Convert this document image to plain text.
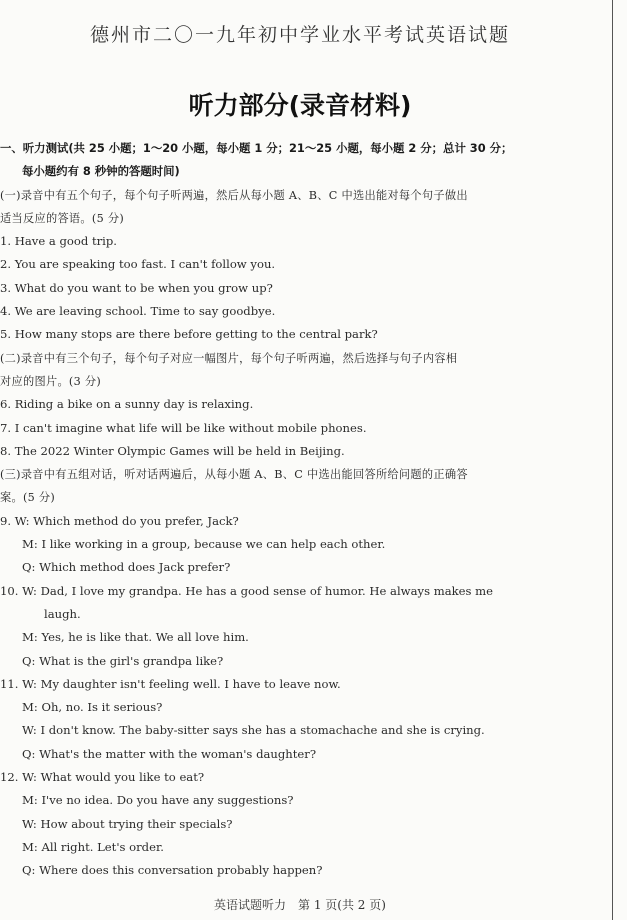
德州市二〇一九年初中学业水平考试英语试题
听力部分(录音材料)
一、听力测试(共 25 小题；1～20 小题，每小题 1 分；21～25 小题，每小题 2 分；总计 30 分；
每小题约有 8 秒钟的答题时间)
(一)录音中有五个句子，每个句子听两遍，然后从每小题 A、B、C 中选出能对每个句子做出
适当反应的答语。(5 分)
1. Have a good trip.
2. You are speaking too fast. I can't follow you.
3. What do you want to be when you grow up?
4. We are leaving school. Time to say goodbye.
5. How many stops are there before getting to the central park?
(二)录音中有三个句子，每个句子对应一幅图片，每个句子听两遍，然后选择与句子内容相
对应的图片。(3 分)
6. Riding a bike on a sunny day is relaxing.
7. I can't imagine what life will be like without mobile phones.
8. The 2022 Winter Olympic Games will be held in Beijing.
(三)录音中有五组对话，听对话两遍后，从每小题 A、B、C 中选出能回答所给问题的正确答
案。(5 分)
9. W: Which method do you prefer, Jack?
M: I like working in a group, because we can help each other.
Q: Which method does Jack prefer?
10. W: Dad, I love my grandpa. He has a good sense of humor. He always makes me
laugh.
M: Yes, he is like that. We all love him.
Q: What is the girl's grandpa like?
11. W: My daughter isn't feeling well. I have to leave now.
M: Oh, no. Is it serious?
W: I don't know. The baby-sitter says she has a stomachache and she is crying.
Q: What's the matter with the woman's daughter?
12. W: What would you like to eat?
M: I've no idea. Do you have any suggestions?
W: How about trying their specials?
M: All right. Let's order.
Q: Where does this conversation probably happen?
英语试题听力　第 1 页(共 2 页)
